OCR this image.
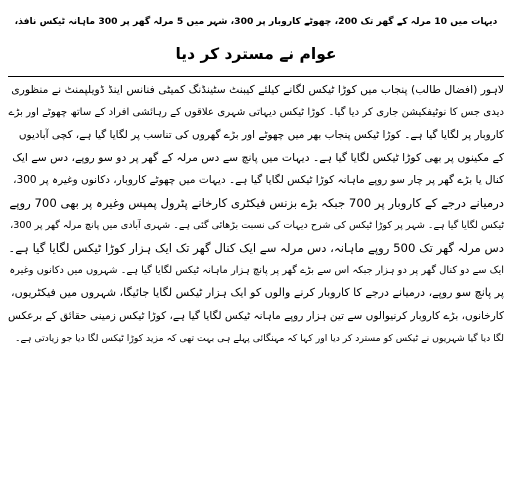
دیہات میں 10 مرلہ کے گھر تک 200، چھوٹے کاروبار پر 300، شہر میں 5 مرلہ گھر پر 300 ماہانہ ٹیکس نافذ،
عوام نے مسترد کر دیا
لاہور (افضال طالب) پنجاب میں کوڑا ٹیکس لگانے کیلئے کیبنٹ سٹینڈنگ کمیٹی فنانس اینڈ ڈویلپمنٹ نے منظوری
دیدی جس کا نوٹیفکیشن جاری کر دیا گیا۔ کوڑا ٹیکس دیہاتی شہری علاقوں کے رہائشی افراد کے ساتھ چھوٹے اور بڑے
کاروبار پر لگایا گیا ہے۔ کوڑا ٹیکس پنجاب بھر میں چھوٹے اور بڑے گھروں کی تناسب پر لگایا گیا ہے، کچی آبادیوں
کے مکینوں پر بھی کوڑا ٹیکس لگایا گیا ہے۔ دیہات میں پانچ سے دس مرلہ کے گھر پر دو سو روپے، دس سے ایک
کنال یا بڑے گھر پر چار سو روپے ماہانہ کوڑا ٹیکس لگایا گیا ہے۔ دیہات میں چھوٹے کاروبار، دکانوں وغیرہ پر 300،
درمیانے درجے کے کاروبار پر 700 جبکہ بڑے بزنس فیکٹری کارخانے پٹرول پمپس وغیرہ پر بھی 700 روپے
ٹیکس لگایا گیا ہے۔ شہر پر کوڑا ٹیکس کی شرح دیہات کی نسبت بڑھائی گئی ہے۔ شہری آبادی میں پانچ مرلہ گھر پر 300،
دس مرلہ گھر تک 500 روپے ماہانہ، دس مرلہ سے ایک کنال گھر تک ایک ہزار کوڑا ٹیکس لگایا گیا ہے۔
ایک سے دو کنال گھر پر دو ہزار جبکہ اس سے بڑے گھر پر پانچ ہزار ماہانہ ٹیکس لگایا گیا ہے۔ شہروں میں دکانوں وغیرہ
پر پانچ سو روپے، درمیانے درجے کا کاروبار کرنے والوں کو ایک ہزار ٹیکس لگایا جائیگا، شہروں میں فیکٹریوں،
کارخانوں، بڑے کاروبار کرنیوالوں سے تین ہزار روپے ماہانہ ٹیکس لگایا گیا ہے، کوڑا ٹیکس زمینی حقائق کے برعکس
لگا دیا گیا شہریوں نے ٹیکس کو مسترد کر دیا اور کہا کہ مہنگائی پہلے ہی بہت تھی کہ مزید کوڑا ٹیکس لگا دیا جو زیادتی ہے۔
